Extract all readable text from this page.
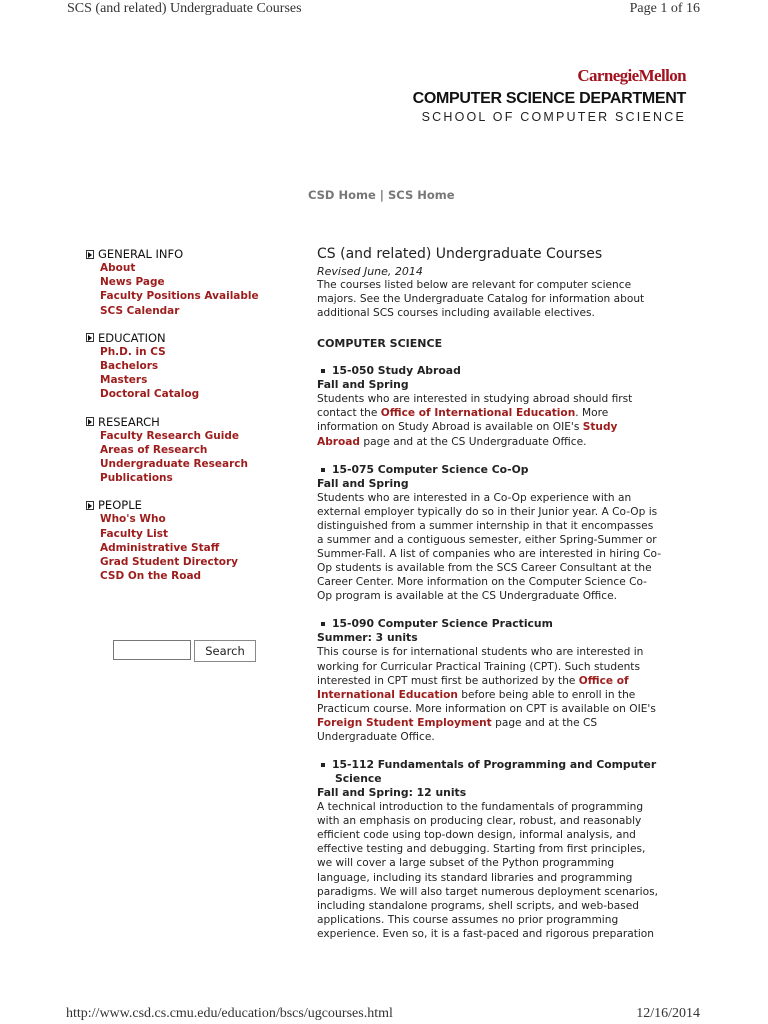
SCS (and related) Undergraduate Courses	Page 1 of 16
CarnegieMellon
COMPUTER SCIENCE DEPARTMENT
SCHOOL OF COMPUTER SCIENCE
CSD Home | SCS Home
GENERAL INFO
About
News Page
Faculty Positions Available
SCS Calendar
EDUCATION
Ph.D. in CS
Bachelors
Masters
Doctoral Catalog
RESEARCH
Faculty Research Guide
Areas of Research
Undergraduate Research
Publications
PEOPLE
Who's Who
Faculty List
Administrative Staff
Grad Student Directory
CSD On the Road
Search
CS (and related) Undergraduate Courses
Revised June, 2014

The courses listed below are relevant for computer science majors. See the Undergraduate Catalog for information about additional SCS courses including available electives.

COMPUTER SCIENCE
15-050 Study Abroad
Fall and Spring

Students who are interested in studying abroad should first contact the Office of International Education. More information on Study Abroad is available on OIE's Study Abroad page and at the CS Undergraduate Office.

15-075 Computer Science Co-Op
Fall and Spring

Students who are interested in a Co-Op experience with an external employer typically do so in their Junior year. A Co-Op is distinguished from a summer internship in that it encompasses a summer and a contiguous semester, either Spring-Summer or Summer-Fall. A list of companies who are interested in hiring Co-Op students is available from the SCS Career Consultant at the Career Center. More information on the Computer Science Co-Op program is available at the CS Undergraduate Office.

15-090 Computer Science Practicum
Summer: 3 units

This course is for international students who are interested in working for Curricular Practical Training (CPT). Such students interested in CPT must first be authorized by the Office of International Education before being able to enroll in the Practicum course. More information on CPT is available on OIE's Foreign Student Employment page and at the CS Undergraduate Office.

15-112 Fundamentals of Programming and Computer Science
Fall and Spring: 12 units

A technical introduction to the fundamentals of programming with an emphasis on producing clear, robust, and reasonably efficient code using top-down design, informal analysis, and effective testing and debugging. Starting from first principles, we will cover a large subset of the Python programming language, including its standard libraries and programming paradigms. We will also target numerous deployment scenarios, including standalone programs, shell scripts, and web-based applications. This course assumes no prior programming experience. Even so, it is a fast-paced and rigorous preparation

http://www.csd.cs.cmu.edu/education/bscs/ugcourses.html	12/16/2014
